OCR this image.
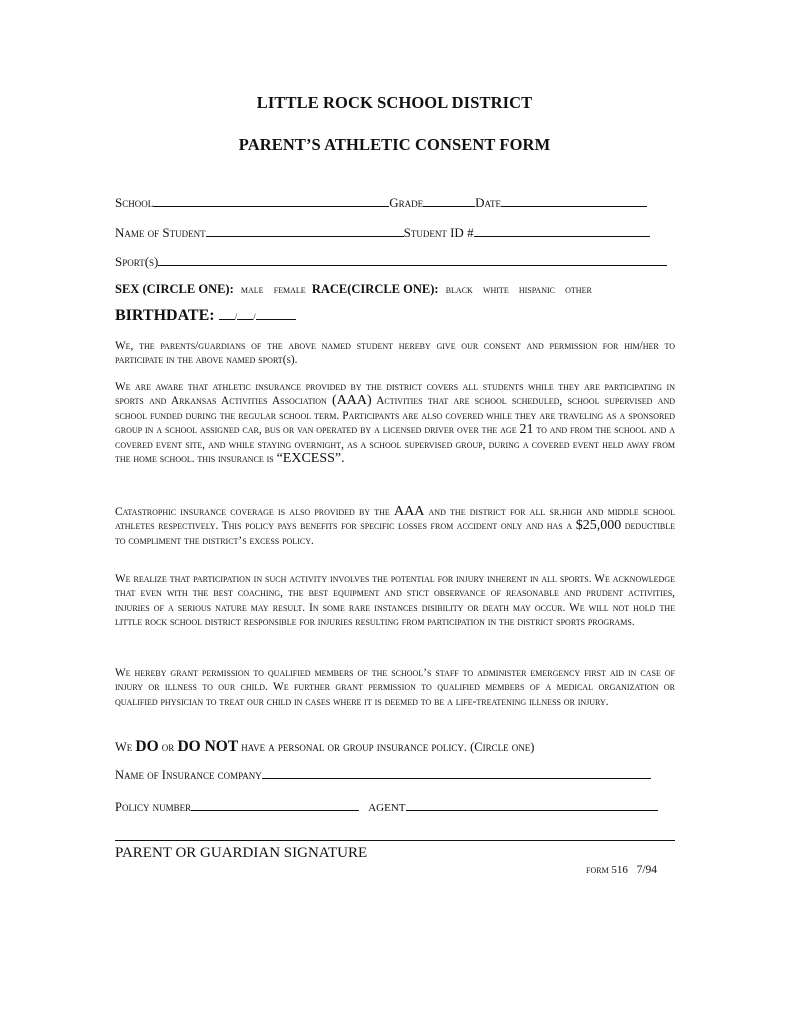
LITTLE ROCK SCHOOL DISTRICT
PARENT’S ATHLETIC CONSENT FORM
School	Grade	Date
Name of Student	Student ID #
Sport(s)
SEX (CIRCLE ONE): male female RACE(CIRCLE ONE): black white hispanic other
BIRTHDATE: / /

We, the parents/guardians of the above named student hereby give our consent and permission for him/her to participate in the above named sport(s).

We are aware that athletic insurance provided by the district covers all students while they are participating in sports and Arkansas Activities Association (AAA) Activities that are school scheduled, school supervised and school funded during the regular school term. Participants are also covered while they are traveling as a sponsored group in a school assigned car, bus or van operated by a licensed driver over the age 21 to and from the school and a covered event site, and while staying overnight, as a school supervised group, during a covered event held away from the home school. this insurance is “EXCESS”.

Catastrophic insurance coverage is also provided by the AAA and the district for all sr.high and middle school athletes respectively. This policy pays benefits for specific losses from accident only and has a $25,000 deductible to compliment the district’s excess policy.

We realize that participation in such activity involves the potential for injury inherent in all sports. We acknowledge that even with the best coaching, the best equipment and stict observance of reasonable and prudent activities, injuries of a serious nature may result. In some rare instances disibility or death may occur. We will not hold the little rock school district responsible for injuries resulting from participation in the district sports programs.

We hereby grant permission to qualified members of the school’s staff to administer emergency first aid in case of injury or illness to our child. We further grant permission to qualified members of a medical organization or qualified physician to treat our child in cases where it is deemed to be a life-treatening illness or injury.

We DO or DO NOT have a personal or group insurance policy. (Circle one)
Name of Insurance company
Policy number	AGENT
PARENT OR GUARDIAN SIGNATURE
form 516 7/94
